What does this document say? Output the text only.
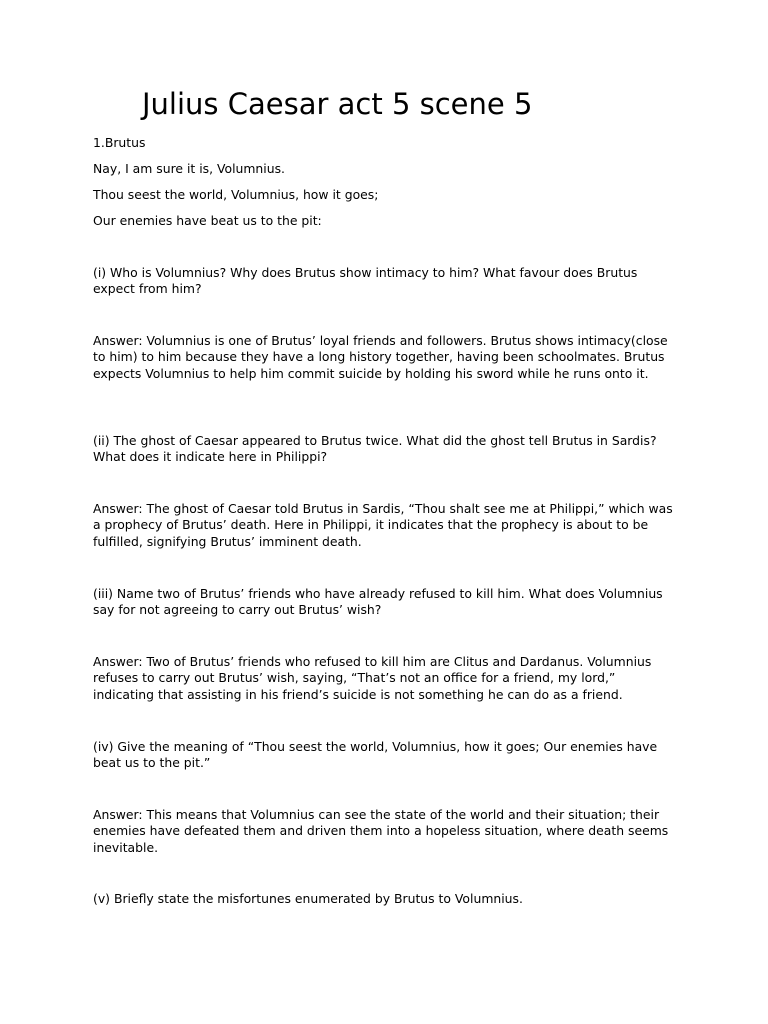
Julius Caesar act 5 scene 5

1.Brutus

Nay, I am sure it is, Volumnius.

Thou seest the world, Volumnius, how it goes;

Our enemies have beat us to the pit:

(i) Who is Volumnius? Why does Brutus show intimacy to him? What favour does Brutus expect from him?

Answer: Volumnius is one of Brutus’ loyal friends and followers. Brutus shows intimacy(close to him) to him because they have a long history together, having been schoolmates. Brutus expects Volumnius to help him commit suicide by holding his sword while he runs onto it.

(ii) The ghost of Caesar appeared to Brutus twice. What did the ghost tell Brutus in Sardis? What does it indicate here in Philippi?

Answer: The ghost of Caesar told Brutus in Sardis, “Thou shalt see me at Philippi,” which was a prophecy of Brutus’ death. Here in Philippi, it indicates that the prophecy is about to be fulfilled, signifying Brutus’ imminent death.

(iii) Name two of Brutus’ friends who have already refused to kill him. What does Volumnius say for not agreeing to carry out Brutus’ wish?

Answer: Two of Brutus’ friends who refused to kill him are Clitus and Dardanus. Volumnius refuses to carry out Brutus’ wish, saying, “That’s not an office for a friend, my lord,” indicating that assisting in his friend’s suicide is not something he can do as a friend.

(iv) Give the meaning of “Thou seest the world, Volumnius, how it goes; Our enemies have beat us to the pit.”

Answer: This means that Volumnius can see the state of the world and their situation; their enemies have defeated them and driven them into a hopeless situation, where death seems inevitable.

(v) Briefly state the misfortunes enumerated by Brutus to Volumnius.
